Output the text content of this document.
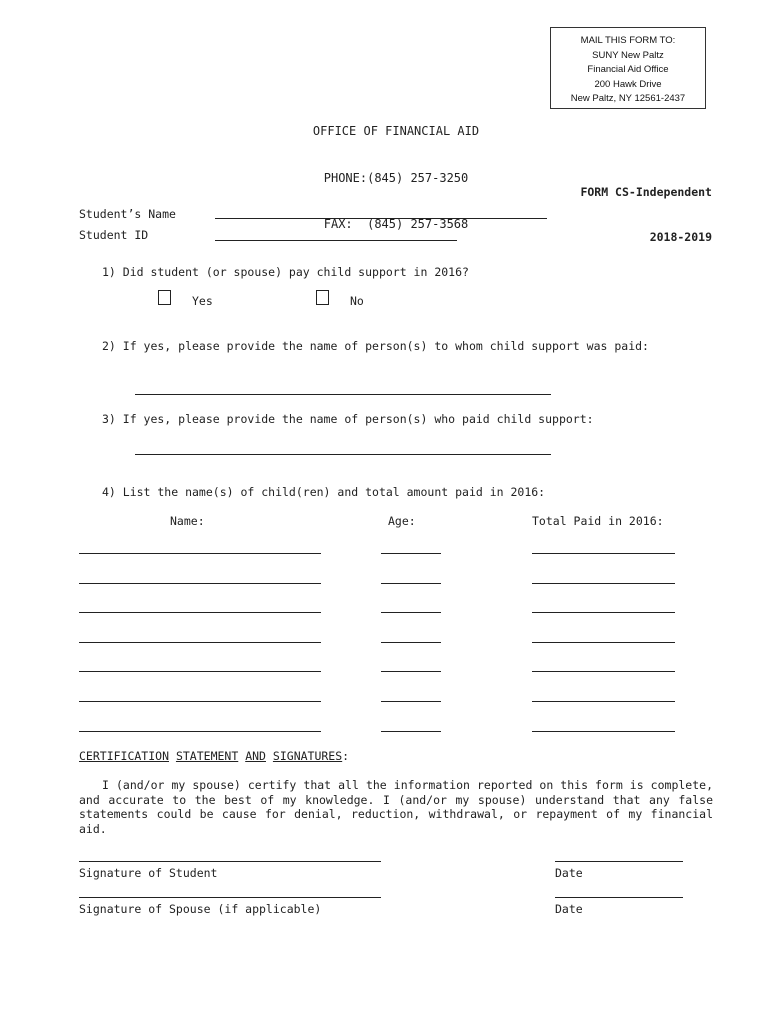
MAIL THIS FORM TO:
SUNY New Paltz
Financial Aid Office
200 Hawk Drive
New Paltz, NY 12561-2437

OFFICE OF FINANCIAL AID

PHONE:(845) 257-3250

FAX:  (845) 257-3568

FORM CS-Independent

2018-2019

Student’s Name
Student ID
1) Did student (or spouse) pay child support in 2016?
Yes	No
2) If yes, please provide the name of person(s) to whom child support was paid:
3) If yes, please provide the name of person(s) who paid child support:
4) List the name(s) of child(ren) and total amount paid in 2016:
Name:	Age:	Total Paid in 2016:
CERTIFICATION STATEMENT AND SIGNATURES:
I (and/or my spouse) certify that all the information reported on this form is complete, and accurate to the best of my knowledge. I (and/or my spouse) understand that any false statements could be cause for denial, reduction, withdrawal, or repayment of my financial aid.
Signature of Student	Date
Signature of Spouse (if applicable)	Date
